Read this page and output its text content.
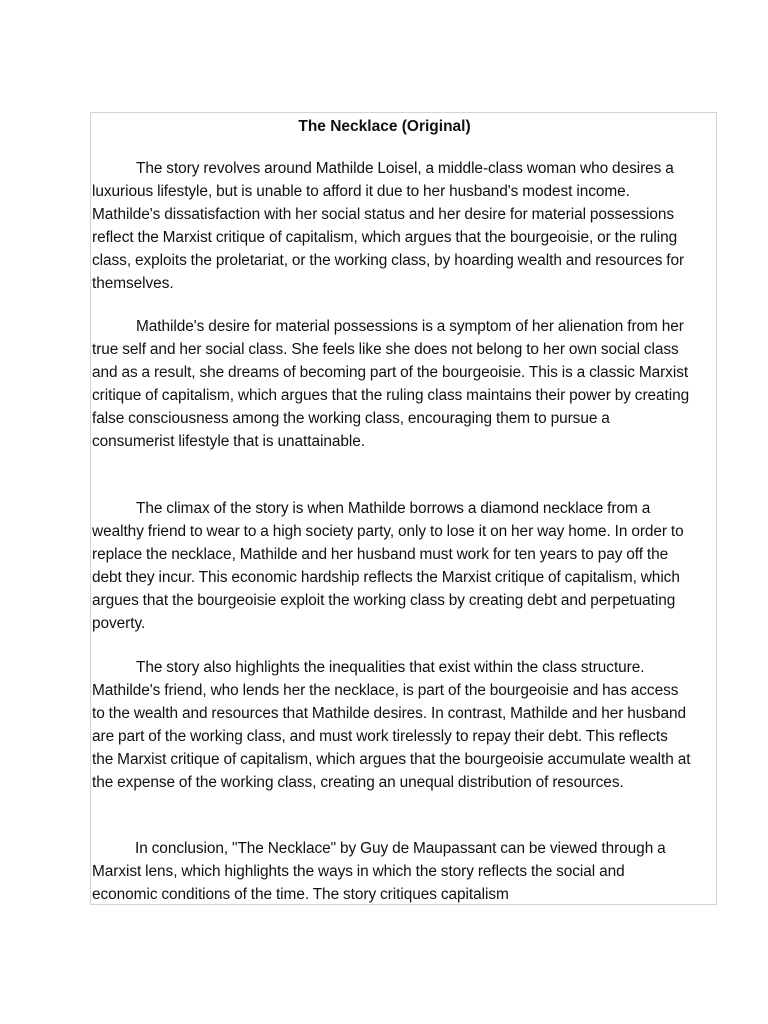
The Necklace (Original)

The story revolves around Mathilde Loisel, a middle-class woman who desires a luxurious lifestyle, but is unable to afford it due to her husband's modest income. Mathilde's dissatisfaction with her social status and her desire for material possessions reflect the Marxist critique of capitalism, which argues that the bourgeoisie, or the ruling class, exploits the proletariat, or the working class, by hoarding wealth and resources for themselves.

Mathilde's desire for material possessions is a symptom of her alienation from her true self and her social class. She feels like she does not belong to her own social class and as a result, she dreams of becoming part of the bourgeoisie. This is a classic Marxist critique of capitalism, which argues that the ruling class maintains their power by creating false consciousness among the working class, encouraging them to pursue a consumerist lifestyle that is unattainable.

The climax of the story is when Mathilde borrows a diamond necklace from a wealthy friend to wear to a high society party, only to lose it on her way home. In order to replace the necklace, Mathilde and her husband must work for ten years to pay off the debt they incur. This economic hardship reflects the Marxist critique of capitalism, which argues that the bourgeoisie exploit the working class by creating debt and perpetuating poverty.

The story also highlights the inequalities that exist within the class structure. Mathilde's friend, who lends her the necklace, is part of the bourgeoisie and has access to the wealth and resources that Mathilde desires. In contrast, Mathilde and her husband are part of the working class, and must work tirelessly to repay their debt. This reflects the Marxist critique of capitalism, which argues that the bourgeoisie accumulate wealth at the expense of the working class, creating an unequal distribution of resources.

In conclusion, "The Necklace" by Guy de Maupassant can be viewed through a Marxist lens, which highlights the ways in which the story reflects the social and economic conditions of the time. The story critiques capitalism
